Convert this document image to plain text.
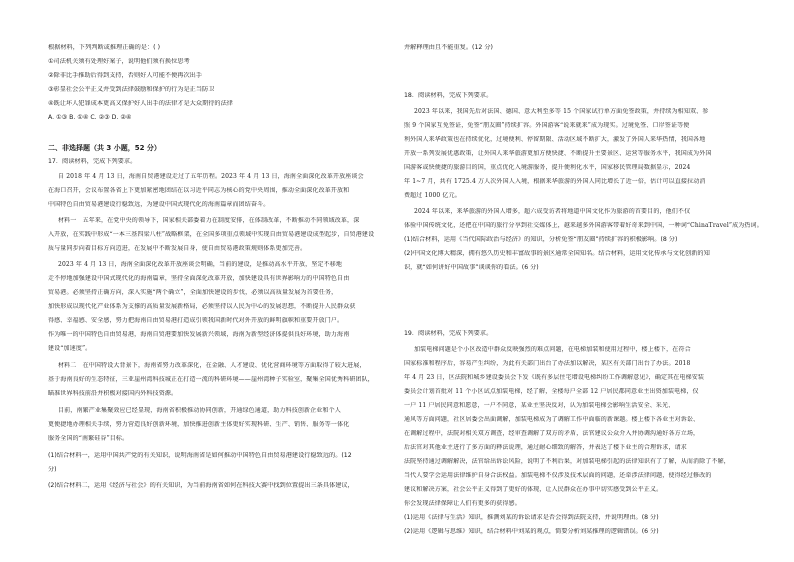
根据材料，下列判断或推理正确的是：( )
①司法机关须有处理好案子，说明他们须有换位思考
②除非比手推助后得到支持，否则好人可能不便再次出手
③彰显社会公平正义并受到法律鼓励和保护的行为是正当防卫
④既让坏人犯罪成本更高又保护好人出手的法律才是大众期待的法律
A. ①③ B. ①④ C. ②③ D. ②④
二、非选择题（共 3 小题，52 分）
17．阅读材料，完成下列要求。
自 2018 年 4 月 13 日，海南自贸港建设走过了五年历程。2023 年 4 月 13 日，海南全面深化改革开放座谈会
在海口召开，会议布置各省上下更加紧密地团结在以习近平同志为核心的党中央周围，推动全面深化改革开放和
中国特色自由贸易港建设行稳致远，为建设中国式现代化的海南篇章而团结奋斗。
材料一　五年来，在党中央的领导下，国家相关部委着力在制度安排，在体制改革，不断推动不同领域改革，深
入开放，在实践中形成“一本三基四梁八柱”战略框架，在全国多项重点领域中实现自由贸易港建设成型起步，自贸港建设
质与量同步向着目标方向迈进，在发展中不断发展自身，使自由贸易港政策规则体系更加完善。
2023 年 4 月 13 日，海南全面深化改革开放座谈会明确，当前的建设，是推动高水平开放，坚定不移地
走不停地加强建设中国式现代化的海南篇章，坚持全面深化改革开放，加快建设具有世界影响力的中国特色自由
贸易港。必须坚持正确方向，深入实施“两个确立”，全面加快建设的步伐，必须以高质量发展为首要任务，
加快形成以现代化产业体系为支撑的高质量发展新格局，必须坚持以人民为中心的发展思想，不断提升人民群众获
得感、幸福感、安全感，努力把海南自由贸易港打造成引领我国新时代对外开放的鲜明旗帜和重要开放门户。
作为唯一的中国特色自由贸易港，海南自贸港要加快发展新兴领域，海南为新型经济体提供良好环境，助力海南
建设“加速度”。
材料二　在中国特设大背景下，海南省努力改革深化，在金融、人才建设、优化营商环境等方面取得了较大进展，
基于海南良好的生态特征，三亚崖州湾科技城正在打造一流的科研环境——崖州湾种子实验室，聚集全国优秀科研团队，
瞄准世界科技前沿并积极对接国内外科技资源。
目前，南繁产业集聚效应已经显现，海南省积极推动协同创新，开通绿色通道，助力科技创新企业和个人
更便捷地办理相关手续，努力营造良好创新环境，加快推进创新主体更好实现科研、生产、销售、服务等一体化
服务全国的“南繁硅谷”目标。
(1)结合材料一，运用中国共产党的有关知识，说明海南省是如何推动中国特色自由贸易港建设行稳致远的。(12
分)
(2)结合材料二，运用《经济与社会》的有关知识，为当前海南省如何在科技大赛中找到位置提出三条具体建议，
并解释理由且不能重复。(12 分)
18．阅读材料，完成下列要求。
2023 年以来，我国先后对法国、德国、意大利至多等 15 个国家试行单方面免签政策，并持续为相知双、参
照 9 个国家互免签证，免签“朋友圈”持续扩容。外国游客“说来就来”成为现实。过境免签、口岸签证等便
利外国人来华政策也在持续优化，过境便利、停留期限、活动区域不断扩大，激发了外国人来华热情，我国各地
开放一系列发展优惠政策，让外国人来华旅游更加方便快捷、不断提升主要景区、运营等服务水平，我国成为外国
国游客或快便捷的旅游目的国，重点优化入境游服务，提升便利化水平，国家移民管理局数据显示，2024
年 1~7 月，共有 1725.4 万人次外国人入境，根据来华旅游的外国人同比增长了近一倍，估计可以直接拉动消
费超过 1000 亿元。
2024 年以来，来华旅游的外国人增多，超六成受访者将地道中国文化作为旅游的首要目的，他们不仅
体验中国传统文化，还把在中国的旅行分享到社交媒体上，越来越多外国游客带着好奇来到中国，一种词“ChinaTravel”成为热词。
(1)结合材料，运用《当代国际政治与经济》的知识，分析免签“朋友圈”持续扩容的积极影响。(8 分)
(2)中国文化博大精深，拥有悠久历史和丰富故事的景区通常全国知名。结合材料，运用文化传承与文化创新的知
识，就“如何讲好中国故事”谈谈你的看法。(6 分)
19．阅读材料，完成下列要求。
加装电梯问题是个小区改造中群众反映强烈的难点问题，在电梯加装和使用过程中，楼上楼下，在符合
国家标准和程序后，容易产生纠纷，为此有关部门出台了办法加以解决，某区有关部门出台了办法。2018
年 4 月 23 日，区法院和城乡建设委员会下发《既有多层住宅增设电梯纠纷工作调解意见》，确定其在电梯安装
委员会计划首批对 11 个小区试点加装电梯，经了解，全楼每户全部 12 户居民都同意业主出资加装电梯，仅
一户 11 户居民同意和愿意，一户不同意，某业主坚决反对，认为加装电梯会影响生活安全、采光、
通风等方面问题，社区居委会出面调解，加装电梯成为了调解工作中面临的新课题。楼上楼下各业主对诉讼、
在调解过程中，法院对相关双方调查，经审查调解了双方的矛盾，法官建议公众介入并协调沟通好各方立场，
后法官对其他业主进行了多方面的释法说理，通过耐心细致的解答，并表达了楼下业主的合理诉求，请求
法院坚持通过调解解决，法官给出诉讼风险，说明了不利后果，对加装电梯引起的法律知识有了了解，从而消除了不解，
当代人要学会运用法律维护自身合法权益。加装电梯不仅涉及技术层面的问题，还牵涉法律问题，使得经过修改的
建议和解决方案，社会公平正义得到了更好的体现，让人民群众在办事中切实感受到公平正义。
你会发现法律保障让人们有更多的获得感。
(1)运用《法律与生活》知识，推测刘某的诉讼请求是否会得到法院支持，并说明理由。(8 分)
(2)运用《逻辑与思维》知识，结合材料中刘某的观点，简要分析刘某推理的逻辑错误。(6 分)
